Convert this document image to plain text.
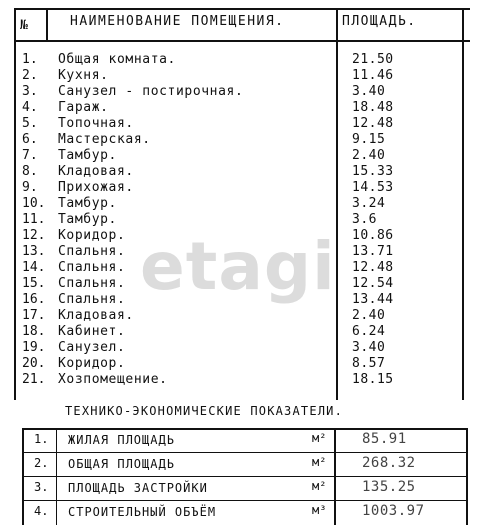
№	НАИМЕНОВАНИЕ ПОМЕЩЕНИЯ.	ПЛОЩАДЬ.
1.	Общая комната.	21.50
2.	Кухня.	11.46
3.	Санузел - постирочная.	3.40
4.	Гараж.	18.48
5.	Топочная.	12.48
6.	Мастерская.	9.15
7.	Тамбур.	2.40
8.	Кладовая.	15.33
9.	Прихожая.	14.53
10. Тамбур.	3.24
11. Тамбур.	3.6
12. Коридор.	10.86
13. Спальня.	13.71
14. Спальня.	12.48
15. Спальня.	12.54
16. Спальня.	13.44
17. Кладовая.	2.40
18. Кабинет.	6.24
19. Санузел.	3.40
20. Коридор.	8.57
21. Хозпомещение.	18.15
etagi
ТЕХНИКО-ЭКОНОМИЧЕСКИЕ ПОКАЗАТЕЛИ.
1. ЖИЛАЯ ПЛОЩАДЬ	м²	85.91
2. ОБЩАЯ ПЛОЩАДЬ	м²	268.32
3. ПЛОЩАДЬ ЗАСТРОЙКИ	м²	135.25
4. СТРОИТЕЛЬНЫЙ ОБЪЁМ	м³	1003.97
